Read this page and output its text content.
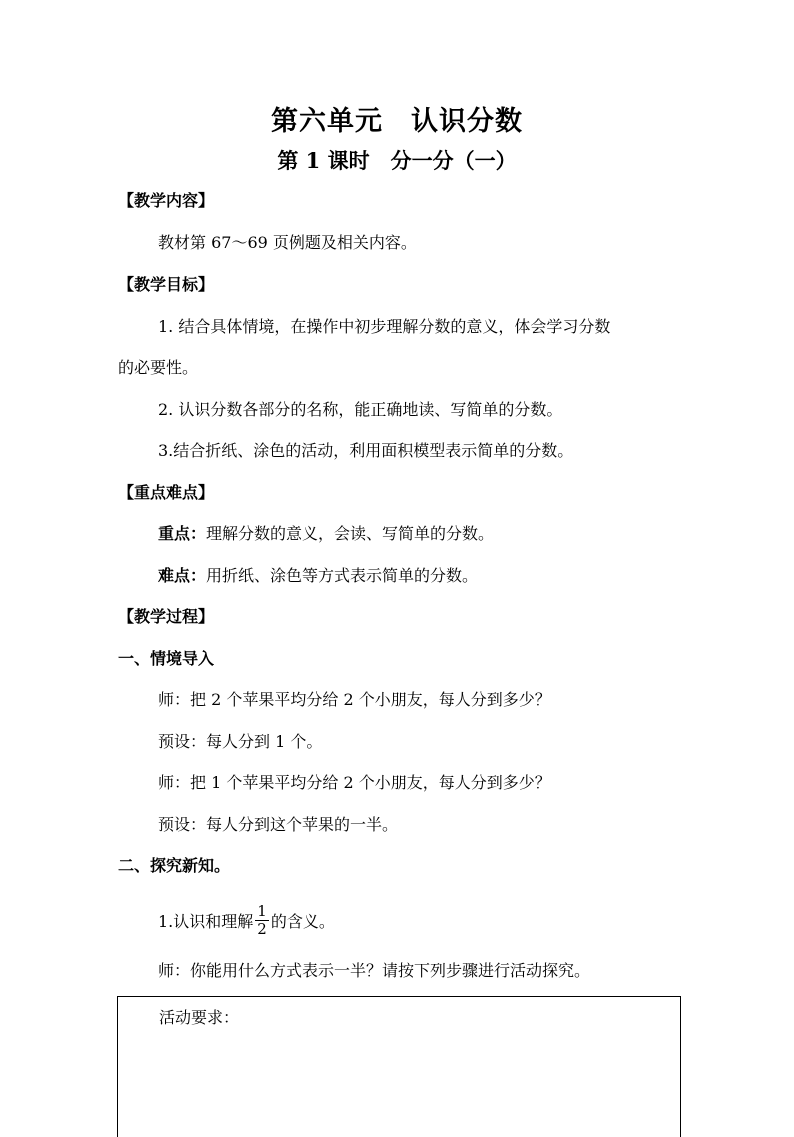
第六单元　认识分数
第 1 课时　分一分（一）
【教学内容】
教材第 67～69 页例题及相关内容。
【教学目标】
1. 结合具体情境，在操作中初步理解分数的意义，体会学习分数
的必要性。
2. 认识分数各部分的名称，能正确地读、写简单的分数。
3.结合折纸、涂色的活动，利用面积模型表示简单的分数。
【重点难点】
重点：理解分数的意义，会读、写简单的分数。
难点：用折纸、涂色等方式表示简单的分数。
【教学过程】
一、情境导入
师：把 2 个苹果平均分给 2 个小朋友，每人分到多少？
预设：每人分到 1 个。
师：把 1 个苹果平均分给 2 个小朋友，每人分到多少？
预设：每人分到这个苹果的一半。
二、探究新知。
1.认识和理解 $\frac{1}{2}$ 的含义。
师：你能用什么方式表示一半？请按下列步骤进行活动探究。
活动要求：
